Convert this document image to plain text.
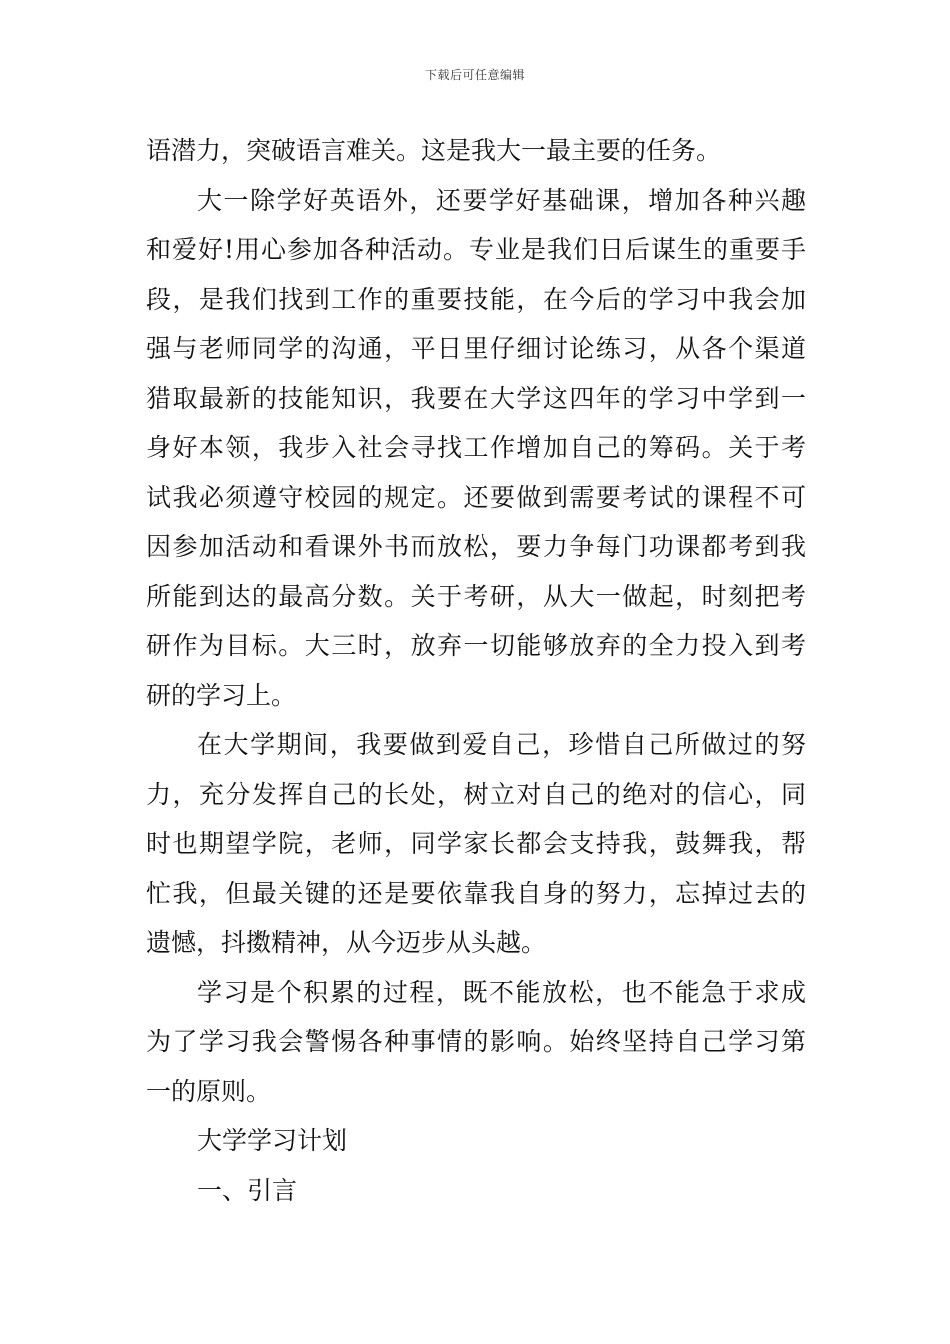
下载后可任意编辑
语潜力，突破语言难关。这是我大一最主要的任务。
大一除学好英语外，还要学好基础课，增加各种兴趣
和爱好!用心参加各种活动。专业是我们日后谋生的重要手
段，是我们找到工作的重要技能，在今后的学习中我会加
强与老师同学的沟通，平日里仔细讨论练习，从各个渠道
猎取最新的技能知识，我要在大学这四年的学习中学到一
身好本领，我步入社会寻找工作增加自己的筹码。关于考
试我必须遵守校园的规定。还要做到需要考试的课程不可
因参加活动和看课外书而放松，要力争每门功课都考到我
所能到达的最高分数。关于考研，从大一做起，时刻把考
研作为目标。大三时，放弃一切能够放弃的全力投入到考
研的学习上。
在大学期间，我要做到爱自己，珍惜自己所做过的努
力，充分发挥自己的长处，树立对自己的绝对的信心，同
时也期望学院，老师，同学家长都会支持我，鼓舞我，帮
忙我，但最关键的还是要依靠我自身的努力，忘掉过去的
遗憾，抖擞精神，从今迈步从头越。
学习是个积累的过程，既不能放松，也不能急于求成
为了学习我会警惕各种事情的影响。始终坚持自己学习第
一的原则。
大学学习计划
一、引言
